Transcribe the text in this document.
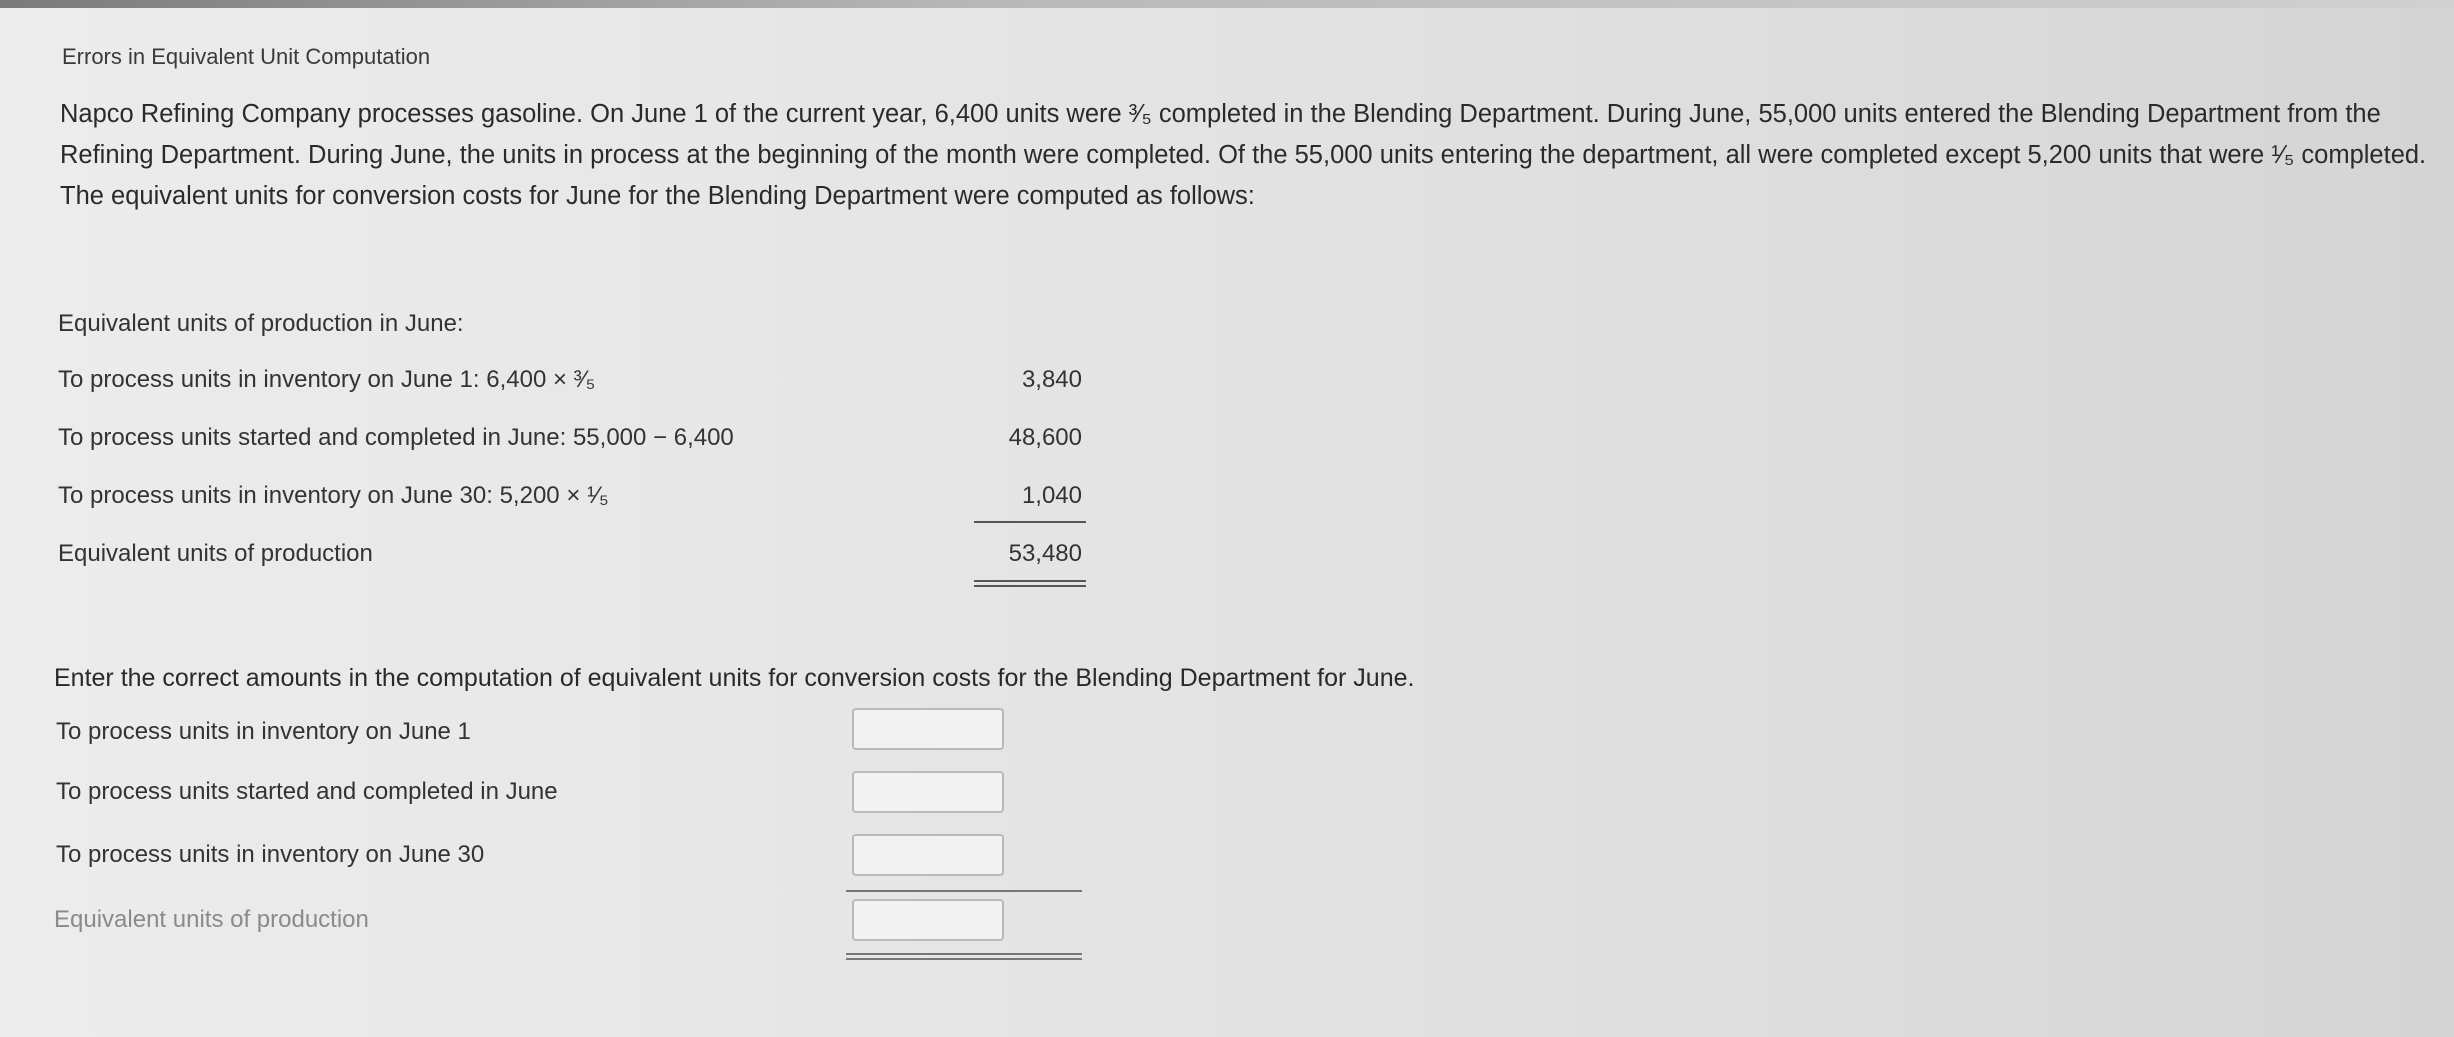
Errors in Equivalent Unit Computation
Napco Refining Company processes gasoline. On June 1 of the current year, 6,400 units were ³⁄₅ completed in the Blending Department. During June, 55,000 units entered the Blending Department from the Refining Department. During June, the units in process at the beginning of the month were completed. Of the 55,000 units entering the department, all were completed except 5,200 units that were ¹⁄₅ completed. The equivalent units for conversion costs for June for the Blending Department were computed as follows:
Equivalent units of production in June:
To process units in inventory on June 1: 6,400 × ³⁄₅	3,840
To process units started and completed in June: 55,000 − 6,400	48,600
To process units in inventory on June 30: 5,200 × ¹⁄₅	1,040
Equivalent units of production	53,480
Enter the correct amounts in the computation of equivalent units for conversion costs for the Blending Department for June.
To process units in inventory on June 1
To process units started and completed in June
To process units in inventory on June 30
Equivalent units of production
